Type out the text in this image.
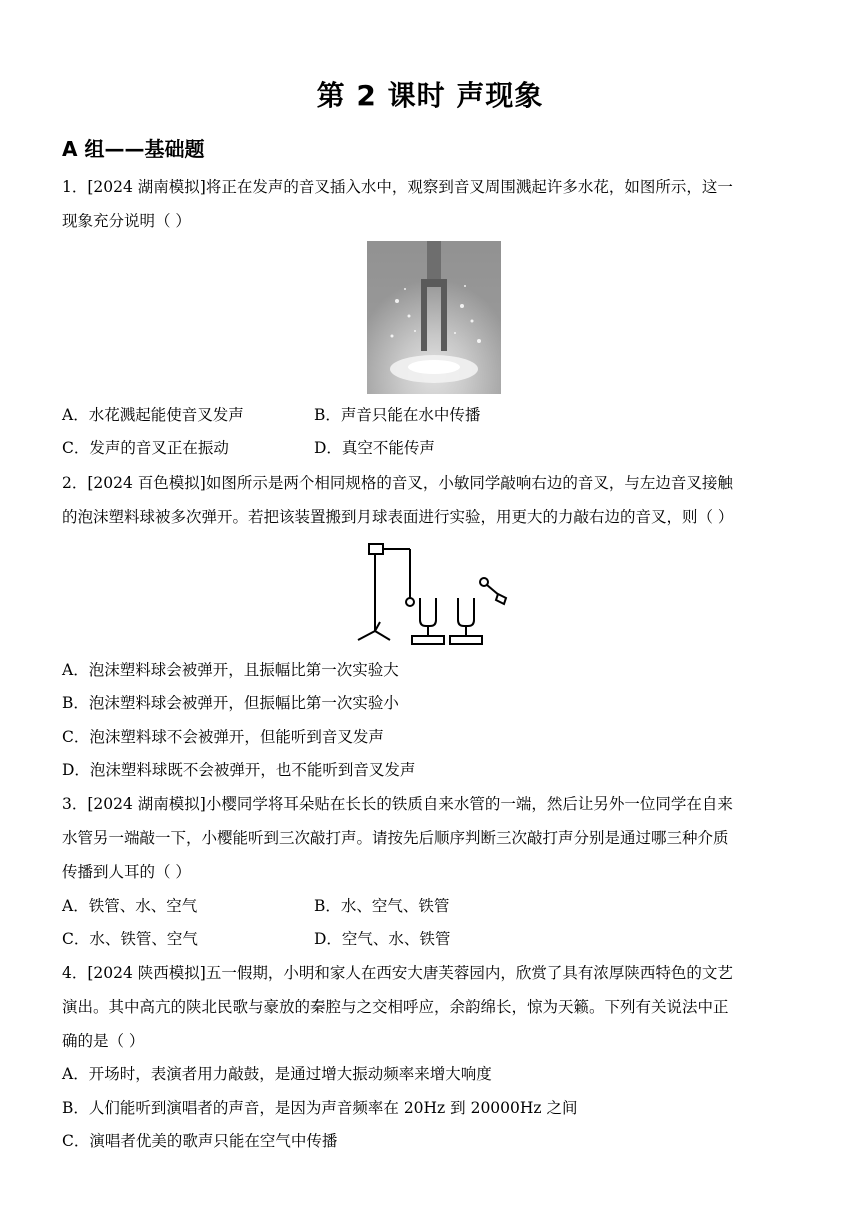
第 2 课时 声现象
A 组——基础题
1．[2024 湖南模拟]将正在发声的音叉插入水中，观察到音叉周围溅起许多水花，如图所示，这一
现象充分说明（ ）
A．水花溅起能使音叉发声	B．声音只能在水中传播
C．发声的音叉正在振动	D．真空不能传声
2．[2024 百色模拟]如图所示是两个相同规格的音叉，小敏同学敲响右边的音叉，与左边音叉接触
的泡沫塑料球被多次弹开。若把该装置搬到月球表面进行实验，用更大的力敲右边的音叉，则（ ）
A．泡沫塑料球会被弹开，且振幅比第一次实验大
B．泡沫塑料球会被弹开，但振幅比第一次实验小
C．泡沫塑料球不会被弹开，但能听到音叉发声
D．泡沫塑料球既不会被弹开，也不能听到音叉发声
3．[2024 湖南模拟]小樱同学将耳朵贴在长长的铁质自来水管的一端，然后让另外一位同学在自来
水管另一端敲一下，小樱能听到三次敲打声。请按先后顺序判断三次敲打声分别是通过哪三种介质
传播到人耳的（ ）
A．铁管、水、空气	B．水、空气、铁管
C．水、铁管、空气	D．空气、水、铁管
4．[2024 陕西模拟]五一假期，小明和家人在西安大唐芙蓉园内，欣赏了具有浓厚陕西特色的文艺
演出。其中高亢的陕北民歌与豪放的秦腔与之交相呼应，余韵绵长，惊为天籁。下列有关说法中正
确的是（ ）
A．开场时，表演者用力敲鼓，是通过增大振动频率来增大响度
B．人们能听到演唱者的声音，是因为声音频率在 20Hz 到 20000Hz 之间
C．演唱者优美的歌声只能在空气中传播
